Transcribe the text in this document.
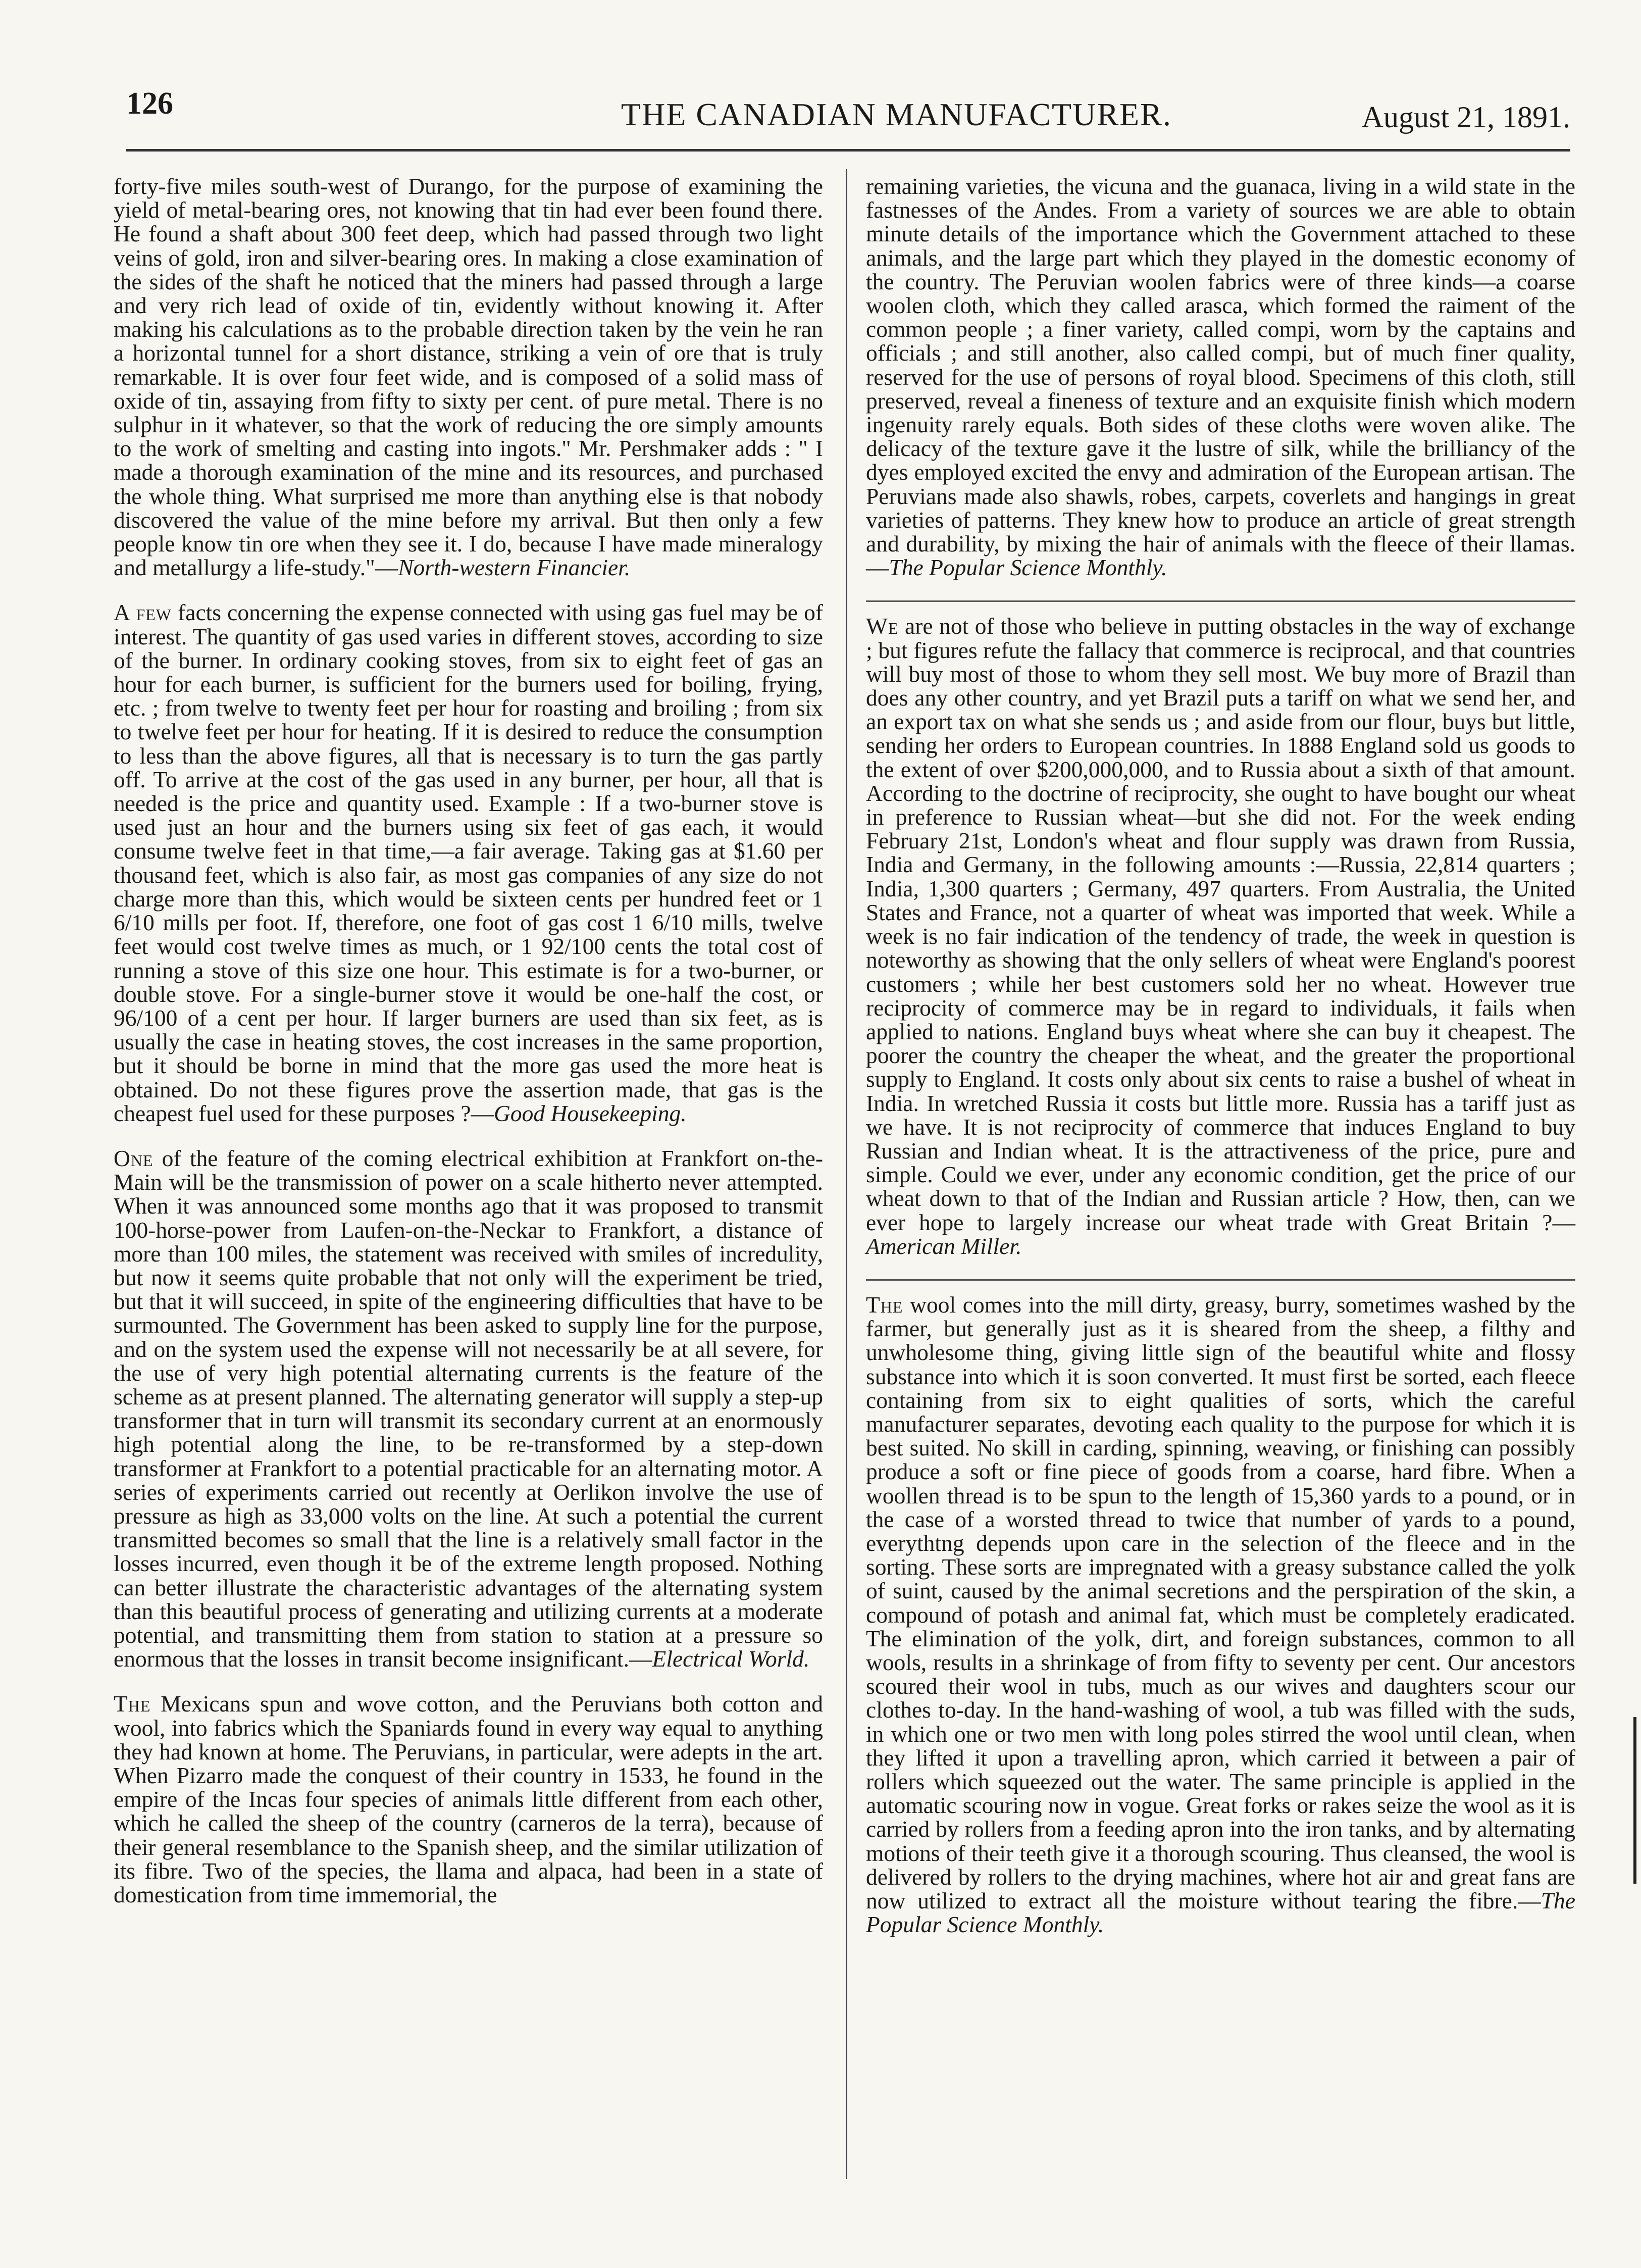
126	THE CANADIAN MANUFACTURER.	August 21, 1891.

forty-five miles south-west of Durango, for the purpose of examining the yield of metal-bearing ores, not knowing that tin had ever been found there. He found a shaft about 300 feet deep, which had passed through two light veins of gold, iron and silver-bearing ores. In making a close examination of the sides of the shaft he noticed that the miners had passed through a large and very rich lead of oxide of tin, evidently without knowing it. After making his calculations as to the probable direction taken by the vein he ran a horizontal tunnel for a short distance, striking a vein of ore that is truly remarkable. It is over four feet wide, and is composed of a solid mass of oxide of tin, assaying from fifty to sixty per cent. of pure metal. There is no sulphur in it whatever, so that the work of reducing the ore simply amounts to the work of smelting and casting into ingots." Mr. Pershmaker adds : " I made a thorough examination of the mine and its resources, and purchased the whole thing. What surprised me more than anything else is that nobody discovered the value of the mine before my arrival. But then only a few people know tin ore when they see it. I do, because I have made mineralogy and metallurgy a life-study."—North-western Financier.

A few facts concerning the expense connected with using gas fuel may be of interest. The quantity of gas used varies in different stoves, according to size of the burner. In ordinary cooking stoves, from six to eight feet of gas an hour for each burner, is sufficient for the burners used for boiling, frying, etc. ; from twelve to twenty feet per hour for roasting and broiling ; from six to twelve feet per hour for heating. If it is desired to reduce the consumption to less than the above figures, all that is necessary is to turn the gas partly off. To arrive at the cost of the gas used in any burner, per hour, all that is needed is the price and quantity used. Example : If a two-burner stove is used just an hour and the burners using six feet of gas each, it would consume twelve feet in that time,—a fair average. Taking gas at $1.60 per thousand feet, which is also fair, as most gas companies of any size do not charge more than this, which would be sixteen cents per hundred feet or 1 6/10 mills per foot. If, therefore, one foot of gas cost 1 6/10 mills, twelve feet would cost twelve times as much, or 1 92/100 cents the total cost of running a stove of this size one hour. This estimate is for a two-burner, or double stove. For a single-burner stove it would be one-half the cost, or 96/100 of a cent per hour. If larger burners are used than six feet, as is usually the case in heating stoves, the cost increases in the same proportion, but it should be borne in mind that the more gas used the more heat is obtained. Do not these figures prove the assertion made, that gas is the cheapest fuel used for these purposes ?—Good Housekeeping.

One of the feature of the coming electrical exhibition at Frankfort on-the-Main will be the transmission of power on a scale hitherto never attempted. When it was announced some months ago that it was proposed to transmit 100-horse-power from Laufen-on-the-Neckar to Frankfort, a distance of more than 100 miles, the statement was received with smiles of incredulity, but now it seems quite probable that not only will the experiment be tried, but that it will succeed, in spite of the engineering difficulties that have to be surmounted. The Government has been asked to supply line for the purpose, and on the system used the expense will not necessarily be at all severe, for the use of very high potential alternating currents is the feature of the scheme as at present planned. The alternating generator will supply a step-up transformer that in turn will transmit its secondary current at an enormously high potential along the line, to be re-transformed by a step-down transformer at Frankfort to a potential practicable for an alternating motor. A series of experiments carried out recently at Oerlikon involve the use of pressure as high as 33,000 volts on the line. At such a potential the current transmitted becomes so small that the line is a relatively small factor in the losses incurred, even though it be of the extreme length proposed. Nothing can better illustrate the characteristic advantages of the alternating system than this beautiful process of generating and utilizing currents at a moderate potential, and transmitting them from station to station at a pressure so enormous that the losses in transit become insignificant.—Electrical World.

The Mexicans spun and wove cotton, and the Peruvians both cotton and wool, into fabrics which the Spaniards found in every way equal to anything they had known at home. The Peruvians, in particular, were adepts in the art. When Pizarro made the conquest of their country in 1533, he found in the empire of the Incas four species of animals little different from each other, which he called the sheep of the country (carneros de la terra), because of their general resemblance to the Spanish sheep, and the similar utilization of its fibre. Two of the species, the llama and alpaca, had been in a state of domestication from time immemorial, the

remaining varieties, the vicuna and the guanaca, living in a wild state in the fastnesses of the Andes. From a variety of sources we are able to obtain minute details of the importance which the Government attached to these animals, and the large part which they played in the domestic economy of the country. The Peruvian woolen fabrics were of three kinds—a coarse woolen cloth, which they called arasca, which formed the raiment of the common people ; a finer variety, called compi, worn by the captains and officials ; and still another, also called compi, but of much finer quality, reserved for the use of persons of royal blood. Specimens of this cloth, still preserved, reveal a fineness of texture and an exquisite finish which modern ingenuity rarely equals. Both sides of these cloths were woven alike. The delicacy of the texture gave it the lustre of silk, while the brilliancy of the dyes employed excited the envy and admiration of the European artisan. The Peruvians made also shawls, robes, carpets, coverlets and hangings in great varieties of patterns. They knew how to produce an article of great strength and durability, by mixing the hair of animals with the fleece of their llamas.—The Popular Science Monthly.

We are not of those who believe in putting obstacles in the way of exchange ; but figures refute the fallacy that commerce is reciprocal, and that countries will buy most of those to whom they sell most. We buy more of Brazil than does any other country, and yet Brazil puts a tariff on what we send her, and an export tax on what she sends us ; and aside from our flour, buys but little, sending her orders to European countries. In 1888 England sold us goods to the extent of over $200,000,000, and to Russia about a sixth of that amount. According to the doctrine of reciprocity, she ought to have bought our wheat in preference to Russian wheat—but she did not. For the week ending February 21st, London's wheat and flour supply was drawn from Russia, India and Germany, in the following amounts :—Russia, 22,814 quarters ; India, 1,300 quarters ; Germany, 497 quarters. From Australia, the United States and France, not a quarter of wheat was imported that week. While a week is no fair indication of the tendency of trade, the week in question is noteworthy as showing that the only sellers of wheat were England's poorest customers ; while her best customers sold her no wheat. However true reciprocity of commerce may be in regard to individuals, it fails when applied to nations. England buys wheat where she can buy it cheapest. The poorer the country the cheaper the wheat, and the greater the proportional supply to England. It costs only about six cents to raise a bushel of wheat in India. In wretched Russia it costs but little more. Russia has a tariff just as we have. It is not reciprocity of commerce that induces England to buy Russian and Indian wheat. It is the attractiveness of the price, pure and simple. Could we ever, under any economic condition, get the price of our wheat down to that of the Indian and Russian article ? How, then, can we ever hope to largely increase our wheat trade with Great Britain ?—American Miller.

The wool comes into the mill dirty, greasy, burry, sometimes washed by the farmer, but generally just as it is sheared from the sheep, a filthy and unwholesome thing, giving little sign of the beautiful white and flossy substance into which it is soon converted. It must first be sorted, each fleece containing from six to eight qualities of sorts, which the careful manufacturer separates, devoting each quality to the purpose for which it is best suited. No skill in carding, spinning, weaving, or finishing can possibly produce a soft or fine piece of goods from a coarse, hard fibre. When a woollen thread is to be spun to the length of 15,360 yards to a pound, or in the case of a worsted thread to twice that number of yards to a pound, everythtng depends upon care in the selection of the fleece and in the sorting. These sorts are impregnated with a greasy substance called the yolk of suint, caused by the animal secretions and the perspiration of the skin, a compound of potash and animal fat, which must be completely eradicated. The elimination of the yolk, dirt, and foreign substances, common to all wools, results in a shrinkage of from fifty to seventy per cent. Our ancestors scoured their wool in tubs, much as our wives and daughters scour our clothes to-day. In the hand-washing of wool, a tub was filled with the suds, in which one or two men with long poles stirred the wool until clean, when they lifted it upon a travelling apron, which carried it between a pair of rollers which squeezed out the water. The same principle is applied in the automatic scouring now in vogue. Great forks or rakes seize the wool as it is carried by rollers from a feeding apron into the iron tanks, and by alternating motions of their teeth give it a thorough scouring. Thus cleansed, the wool is delivered by rollers to the drying machines, where hot air and great fans are now utilized to extract all the moisture without tearing the fibre.—The Popular Science Monthly.
